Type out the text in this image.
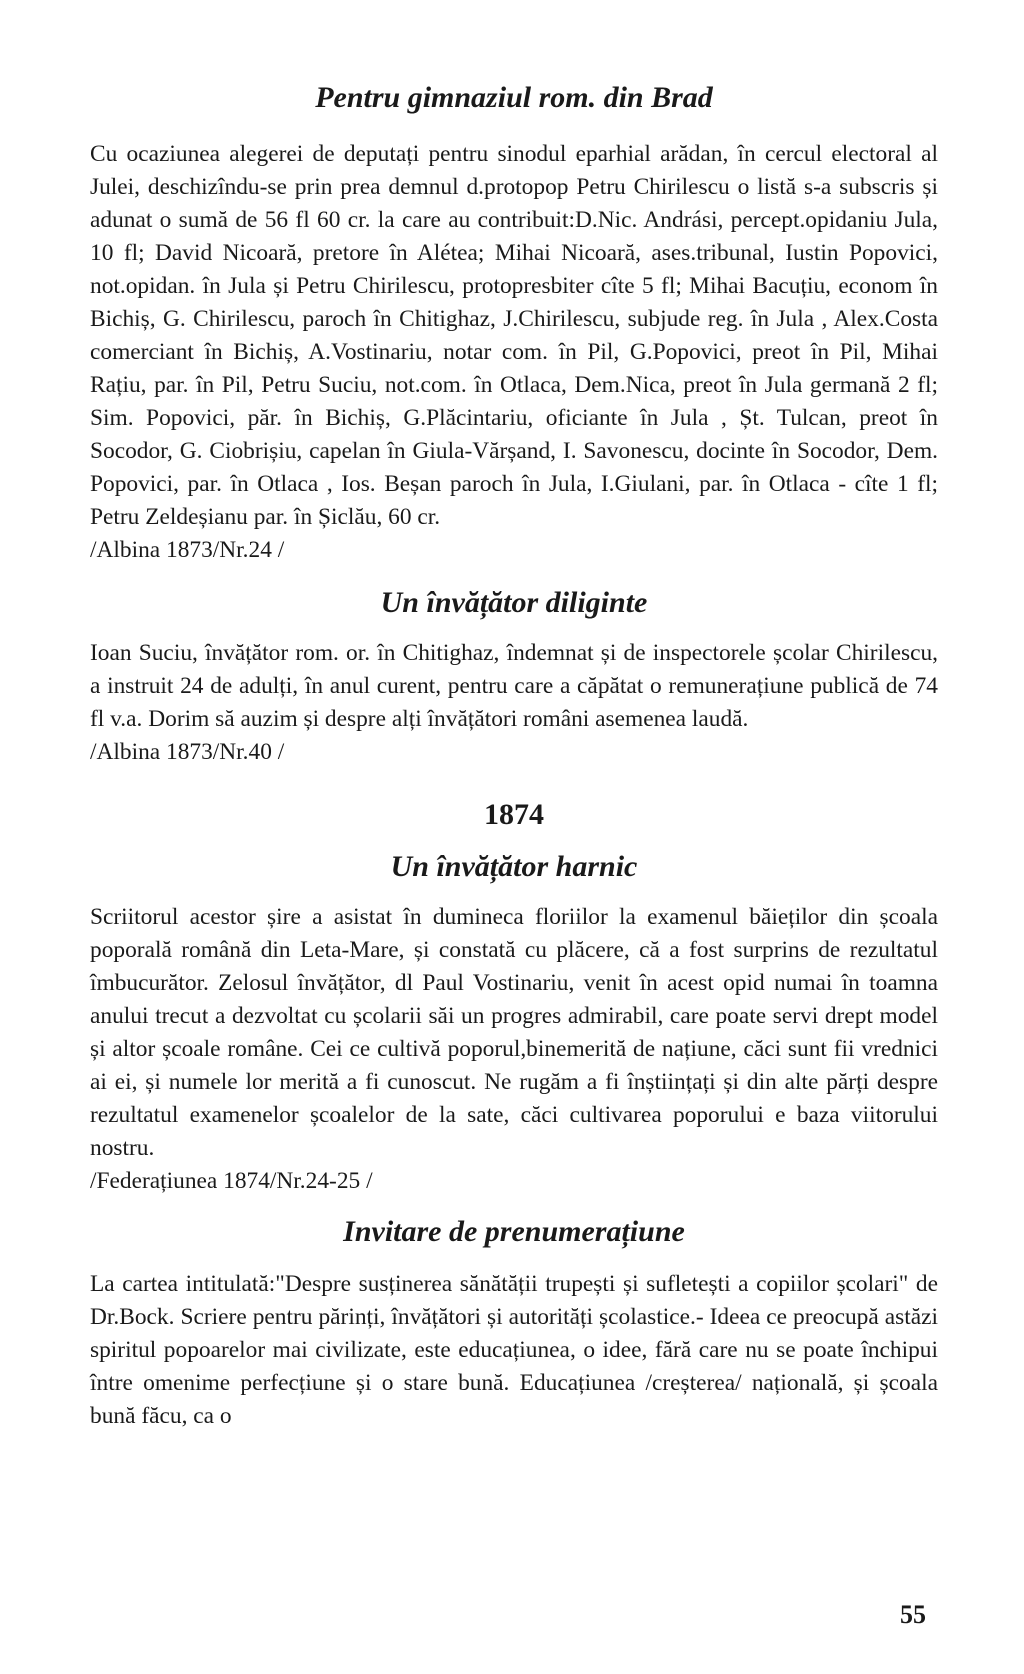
Pentru gimnaziul rom. din Brad

Cu ocaziunea alegerei de deputați pentru sinodul eparhial arădan, în cercul electoral al Julei, deschizîndu-se prin prea demnul d.protopop Petru Chirilescu o listă s-a subscris și adunat o sumă de 56 fl 60 cr. la care au contribuit:D.Nic. Andrási, percept.opidaniu Jula, 10 fl; David Nicoară, pretore în Alétea; Mihai Nicoară, ases.tribunal, Iustin Popovici, not.opidan. în Jula și Petru Chirilescu, protopresbiter cîte 5 fl; Mihai Bacuțiu, econom în Bichiș, G. Chirilescu, paroch în Chitighaz, J.Chirilescu, subjude reg. în Jula , Alex.Costa comerciant în Bichiș, A.Vostinariu, notar com. în Pil, G.Popovici, preot în Pil, Mihai Rațiu, par. în Pil, Petru Suciu, not.com. în Otlaca, Dem.Nica, preot în Jula germană 2 fl; Sim. Popovici, păr. în Bichiș, G.Plăcintariu, oficiante în Jula , Șt. Tulcan, preot în Socodor, G. Ciobrișiu, capelan în Giula-Vărșand, I. Savonescu, docinte în Socodor, Dem. Popovici, par. în Otlaca , Ios. Beșan paroch în Jula, I.Giulani, par. în Otlaca - cîte 1 fl; Petru Zeldeșianu par. în Șiclău, 60 cr.

/Albina 1873/Nr.24 /

Un învățător diliginte

Ioan Suciu, învățător rom. or. în Chitighaz, îndemnat și de inspectorele școlar Chirilescu, a instruit 24 de adulți, în anul curent, pentru care a căpătat o remunerațiune publică de 74 fl v.a. Dorim să auzim și despre alți învățători români asemenea laudă.

/Albina 1873/Nr.40 /

1874
Un învățător harnic

Scriitorul acestor șire a asistat în dumineca floriilor la examenul băieților din școala poporală română din Leta-Mare, și constată cu plăcere, că a fost surprins de rezultatul îmbucurător. Zelosul învățător, dl Paul Vostinariu, venit în acest opid numai în toamna anului trecut a dezvoltat cu școlarii săi un progres admirabil, care poate servi drept model și altor școale române. Cei ce cultivă poporul,binemerită de națiune, căci sunt fii vrednici ai ei, și numele lor merită a fi cunoscut. Ne rugăm a fi înștiințați și din alte părți despre rezultatul examenelor școalelor de la sate, căci cultivarea poporului e baza viitorului nostru.

/Federațiunea 1874/Nr.24-25 /

Invitare de prenumerațiune

La cartea intitulată:"Despre susținerea sănătății trupești și sufletești a copiilor școlari" de Dr.Bock. Scriere pentru părinți, învățători și autorități școlastice.- Ideea ce preocupă astăzi spiritul popoarelor mai civilizate, este educațiunea, o idee, fără care nu se poate închipui între omenime perfecțiune și o stare bună. Educațiunea /creșterea/ națională, și școala bună făcu, ca o

55
